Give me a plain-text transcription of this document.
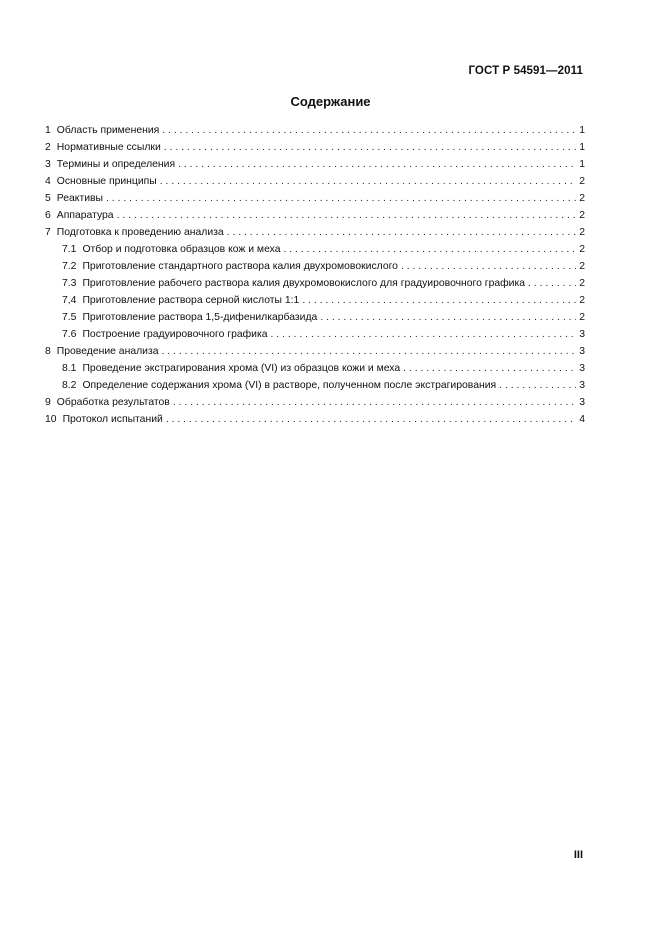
ГОСТ Р 54591—2011
Содержание
1 Область применения . . .	1
2 Нормативные ссылки . . .	1
3 Термины и определения . . .	1
4 Основные принципы . . .	2
5 Реактивы . . .	2
6 Аппаратура . . .	2
7 Подготовка к проведению анализа . . .	2
7.1 Отбор и подготовка образцов кож и меха . . .	2
7.2 Приготовление стандартного раствора калия двухромовокислого . . .	2
7.3 Приготовление рабочего раствора калия двухромовокислого для градуировочного графика . . .	2
7,4 Приготовление раствора серной кислоты 1:1 . . .	2
7.5 Приготовление раствора 1,5-дифенилкарбазида . . .	2
7.6 Построение градуировочного графика . . .	3
8 Проведение анализа . . .	3
8.1 Проведение экстрагирования хрома (VI) из образцов кожи и меха . . .	3
8.2 Определение содержания хрома (VI) в растворе, полученном после экстрагирования . . .	3
9 Обработка результатов . . .	3
10 Протокол испытаний . . .	4
III
